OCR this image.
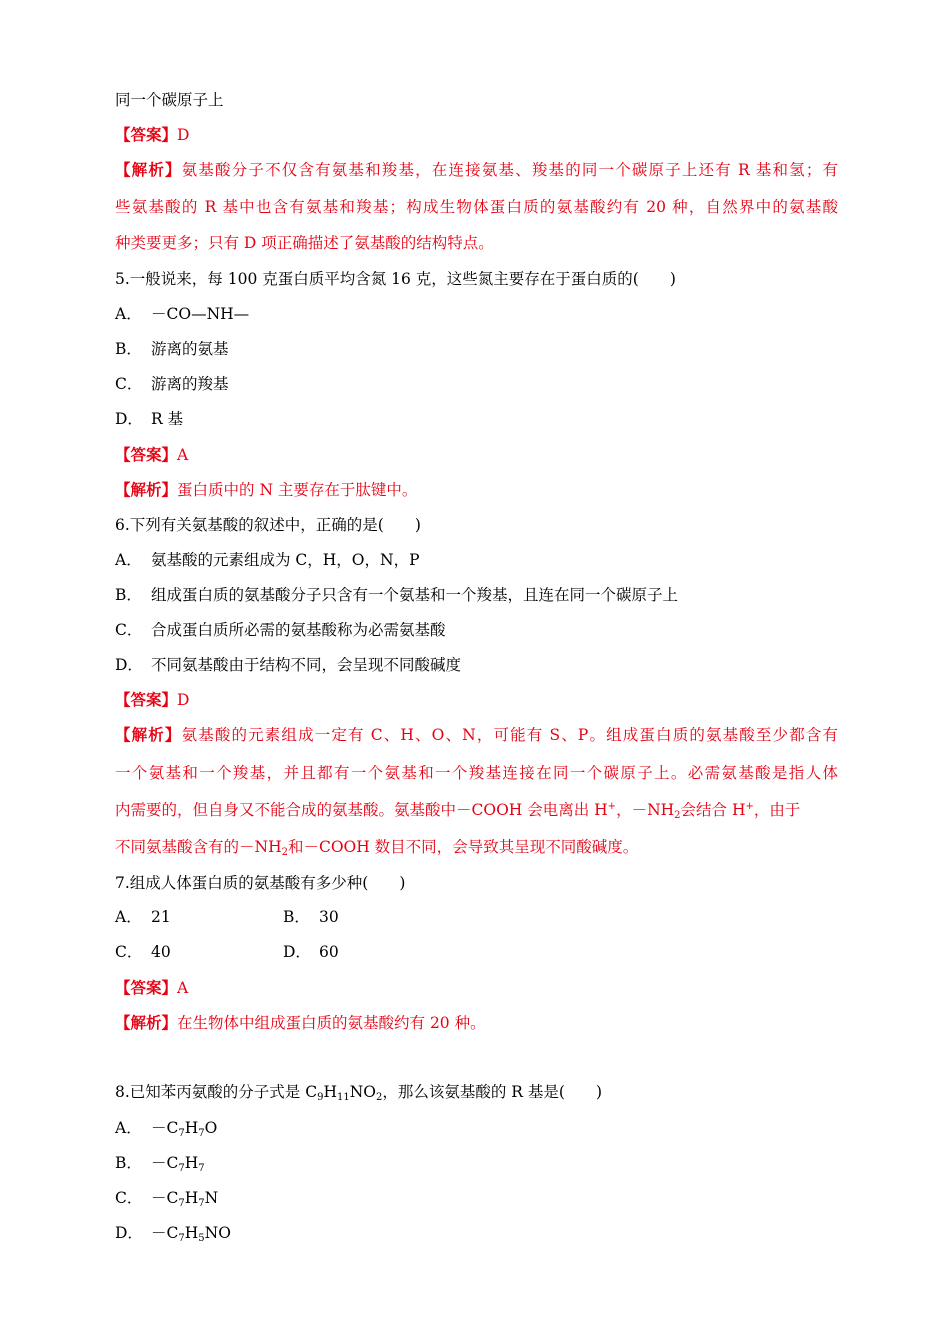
同一个碳原子上
【答案】D
【解析】氨基酸分子不仅含有氨基和羧基，在连接氨基、羧基的同一个碳原子上还有 R 基和氢；有
些氨基酸的 R 基中也含有氨基和羧基；构成生物体蛋白质的氨基酸约有 20 种，自然界中的氨基酸
种类要更多；只有 D 项正确描述了氨基酸的结构特点。
5.一般说来，每 100 克蛋白质平均含氮 16 克，这些氮主要存在于蛋白质的(　　)
A． －CO—NH—
B． 游离的氨基
C． 游离的羧基
D． R 基
【答案】A
【解析】蛋白质中的 N 主要存在于肽键中。
6.下列有关氨基酸的叙述中，正确的是(　　)
A． 氨基酸的元素组成为 C，H，O，N，P
B． 组成蛋白质的氨基酸分子只含有一个氨基和一个羧基，且连在同一个碳原子上
C． 合成蛋白质所必需的氨基酸称为必需氨基酸
D． 不同氨基酸由于结构不同，会呈现不同酸碱度
【答案】D
【解析】氨基酸的元素组成一定有 C、H、O、N，可能有 S、P。组成蛋白质的氨基酸至少都含有
一个氨基和一个羧基，并且都有一个氨基和一个羧基连接在同一个碳原子上。必需氨基酸是指人体
内需要的，但自身又不能合成的氨基酸。氨基酸中－COOH 会电离出 H+，$-NH_2$会结合 H+，由于
不同氨基酸含有的$-NH_2$和－COOH 数目不同，会导致其呈现不同酸碱度。
7.组成人体蛋白质的氨基酸有多少种(　　)
A． 21	B． 30
C． 40	D． 60
【答案】A
【解析】在生物体中组成蛋白质的氨基酸约有 20 种。
8.已知苯丙氨酸的分子式是 $C_9H_{11}NO_2$，那么该氨基酸的 R 基是(　　)
A． $-C_7H_7O$
B． $-C_7H_7$
C． $-C_7H_7N$
D． $-C_7H_5NO$
